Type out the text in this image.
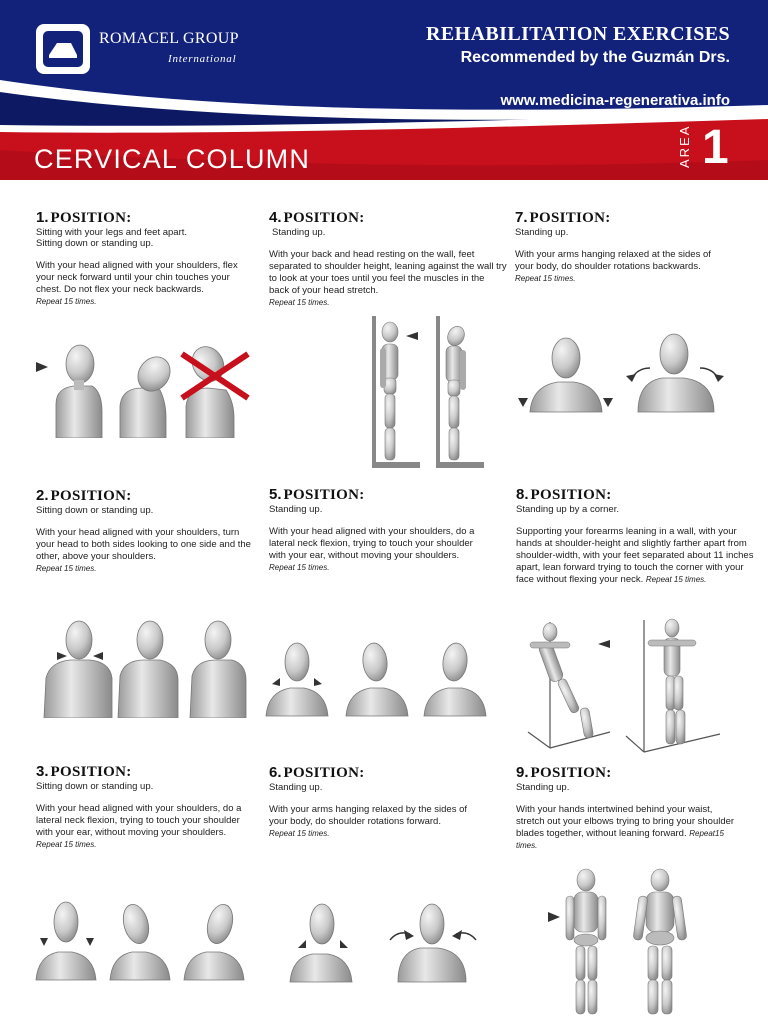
ROMACEL GROUP
International
REHABILITATION EXERCISES
Recommended by the Guzmán Drs.
www.medicina-regenerativa.info
CERVICAL COLUMN	AREA 1
1. POSITION:
Sitting with your legs and feet apart.
Sitting down or standing up.
With your head aligned with your shoulders, flex your neck forward until your chin touches your chest. Do not flex your neck backwards.
Repeat 15 times.
2. POSITION:
Sitting down or standing up.
With your head aligned with your shoulders, turn your head to both sides looking to one side and the other, above your shoulders.
Repeat 15 times.
3. POSITION:
Sitting down or standing up.
With your head aligned with your shoulders, do a lateral neck flexion, trying to touch your shoulder with your ear, without moving your shoulders.
Repeat 15 times.
4. POSITION:
Standing up.
With your back and head resting on the wall, feet separated to shoulder height, leaning against the wall try to look at your toes until you feel the muscles in the back of your head stretch.
Repeat 15 times.
5. POSITION:
Standing up.
With your head aligned with your shoulders, do a lateral neck flexion, trying to touch your shoulder with your ear, without moving your shoulders. Repeat 15 times.
6. POSITION:
Standing up.
With your arms hanging relaxed by the sides of your body, do shoulder rotations forward.
Repeat 15 times.
7. POSITION:
Standing up.
With your arms hanging relaxed at the sides of your body, do shoulder rotations backwards.
Repeat 15 times.
8. POSITION:
Standing up by a corner.
Supporting your forearms leaning in a wall, with your hands at shoulder-height and slightly farther apart from shoulder-width, with your feet separated about 11 inches apart, lean forward trying to touch the corner with your face without flexing your neck. Repeat 15 times.
9. POSITION:
Standing up.
With your hands intertwined behind your waist, stretch out your elbows trying to bring your shoulder blades together, without leaning forward. Repeat15 times.
